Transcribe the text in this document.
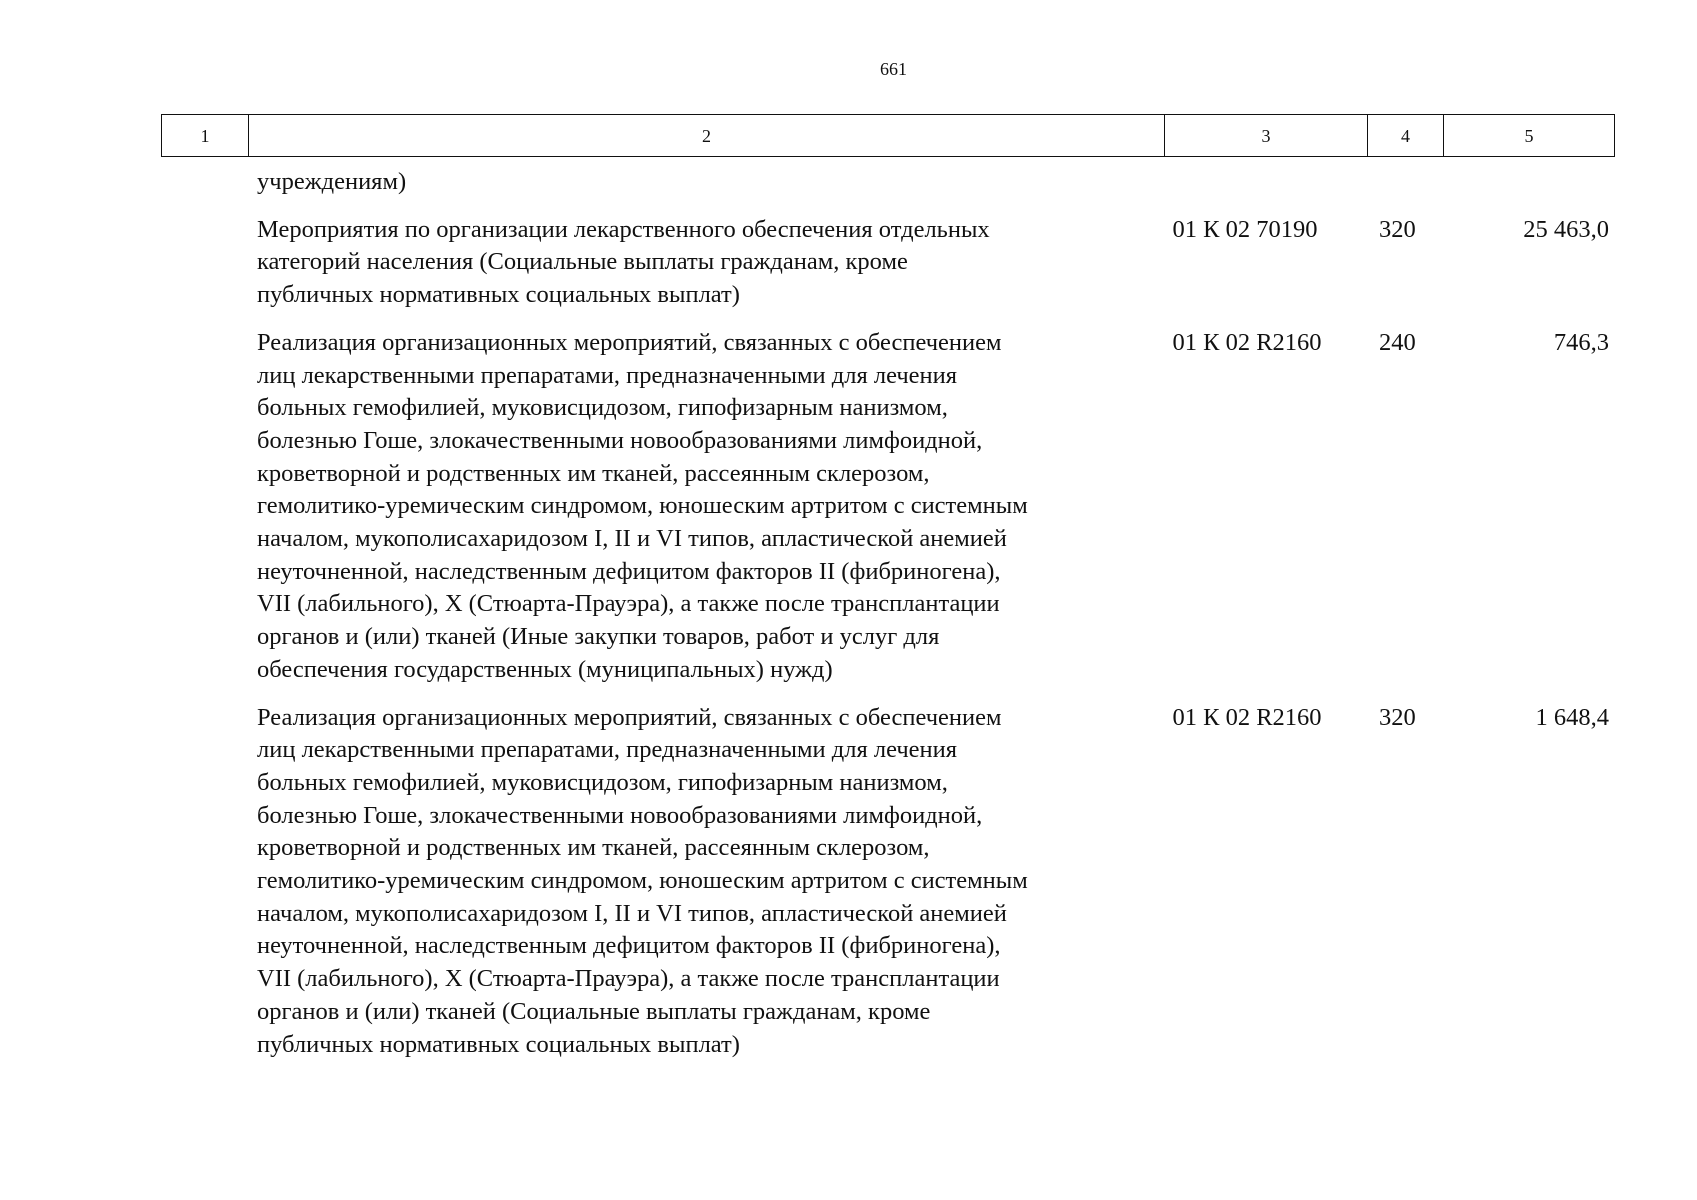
661
1	2	3	4	5
учреждениям)
Мероприятия по организации лекарственного обеспечения отдельных
категорий населения (Социальные выплаты гражданам, кроме
публичных нормативных социальных выплат)
01 К 02 70190	320	25 463,0
Реализация организационных мероприятий, связанных с обеспечением
лиц лекарственными препаратами, предназначенными для лечения
больных гемофилией, муковисцидозом, гипофизарным нанизмом,
болезнью Гоше, злокачественными новообразованиями лимфоидной,
кроветворной и родственных им тканей, рассеянным склерозом,
гемолитико-уремическим синдромом, юношеским артритом с системным
началом, мукополисахаридозом I, II и VI типов, апластической анемией
неуточненной, наследственным дефицитом факторов II (фибриногена),
VII (лабильного), X (Стюарта-Прауэра), а также после трансплантации
органов и (или) тканей (Иные закупки товаров, работ и услуг для
обеспечения государственных (муниципальных) нужд)
01 К 02 R2160	240	746,3
Реализация организационных мероприятий, связанных с обеспечением
лиц лекарственными препаратами, предназначенными для лечения
больных гемофилией, муковисцидозом, гипофизарным нанизмом,
болезнью Гоше, злокачественными новообразованиями лимфоидной,
кроветворной и родственных им тканей, рассеянным склерозом,
гемолитико-уремическим синдромом, юношеским артритом с системным
началом, мукополисахаридозом I, II и VI типов, апластической анемией
неуточненной, наследственным дефицитом факторов II (фибриногена),
VII (лабильного), X (Стюарта-Прауэра), а также после трансплантации
органов и (или) тканей (Социальные выплаты гражданам, кроме
публичных нормативных социальных выплат)
01 К 02 R2160	320	1 648,4
